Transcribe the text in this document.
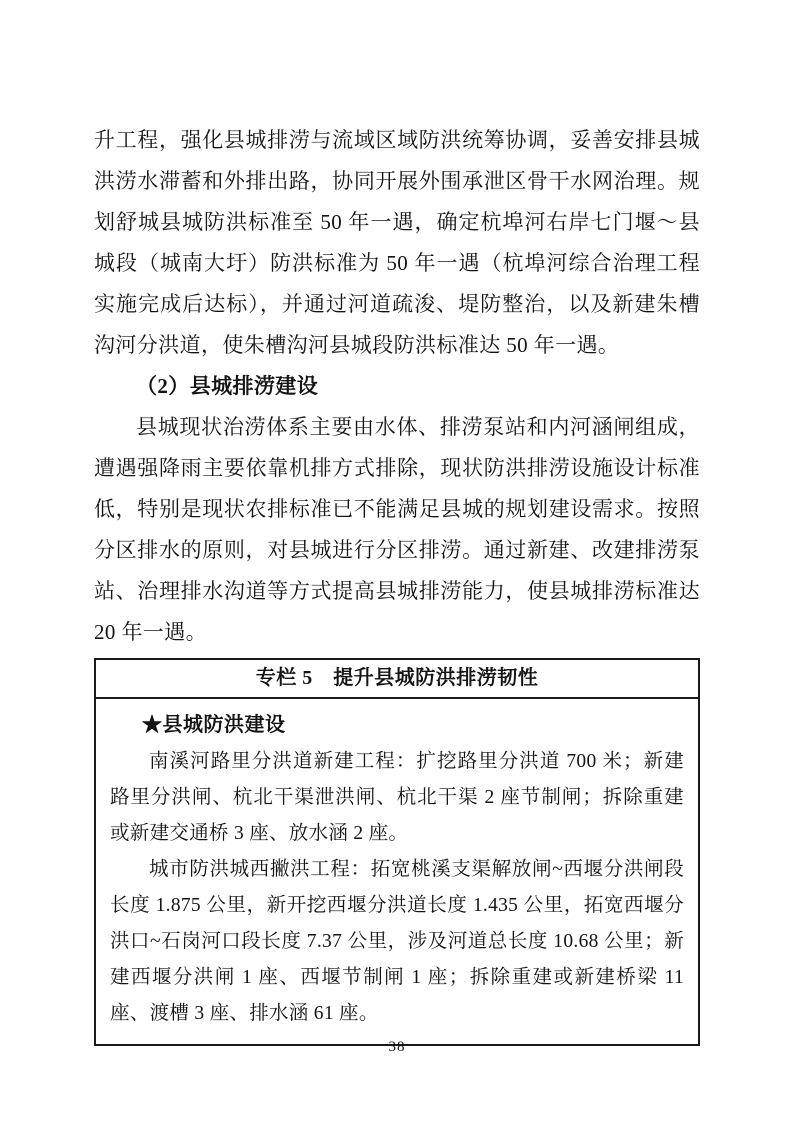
升工程，强化县城排涝与流域区域防洪统筹协调，妥善安排县城洪涝水滞蓄和外排出路，协同开展外围承泄区骨干水网治理。规划舒城县城防洪标准至 50 年一遇，确定杭埠河右岸七门堰～县城段（城南大圩）防洪标准为 50 年一遇（杭埠河综合治理工程实施完成后达标），并通过河道疏浚、堤防整治，以及新建朱槽沟河分洪道，使朱槽沟河县城段防洪标准达 50 年一遇。

（2）县城排涝建设

县城现状治涝体系主要由水体、排涝泵站和内河涵闸组成，遭遇强降雨主要依靠机排方式排除，现状防洪排涝设施设计标准低，特别是现状农排标准已不能满足县城的规划建设需求。按照分区排水的原则，对县城进行分区排涝。通过新建、改建排涝泵站、治理排水沟道等方式提高县城排涝能力，使县城排涝标准达 20 年一遇。

专栏 5　提升县城防洪排涝韧性

★县城防洪建设

南溪河路里分洪道新建工程：扩挖路里分洪道 700 米；新建路里分洪闸、杭北干渠泄洪闸、杭北干渠 2 座节制闸；拆除重建或新建交通桥 3 座、放水涵 2 座。

城市防洪城西撇洪工程：拓宽桃溪支渠解放闸~西堰分洪闸段长度 1.875 公里，新开挖西堰分洪道长度 1.435 公里，拓宽西堰分洪口~石岗河口段长度 7.37 公里，涉及河道总长度 10.68 公里；新建西堰分洪闸 1 座、西堰节制闸 1 座；拆除重建或新建桥梁 11 座、渡槽 3 座、排水涵 61 座。

38
